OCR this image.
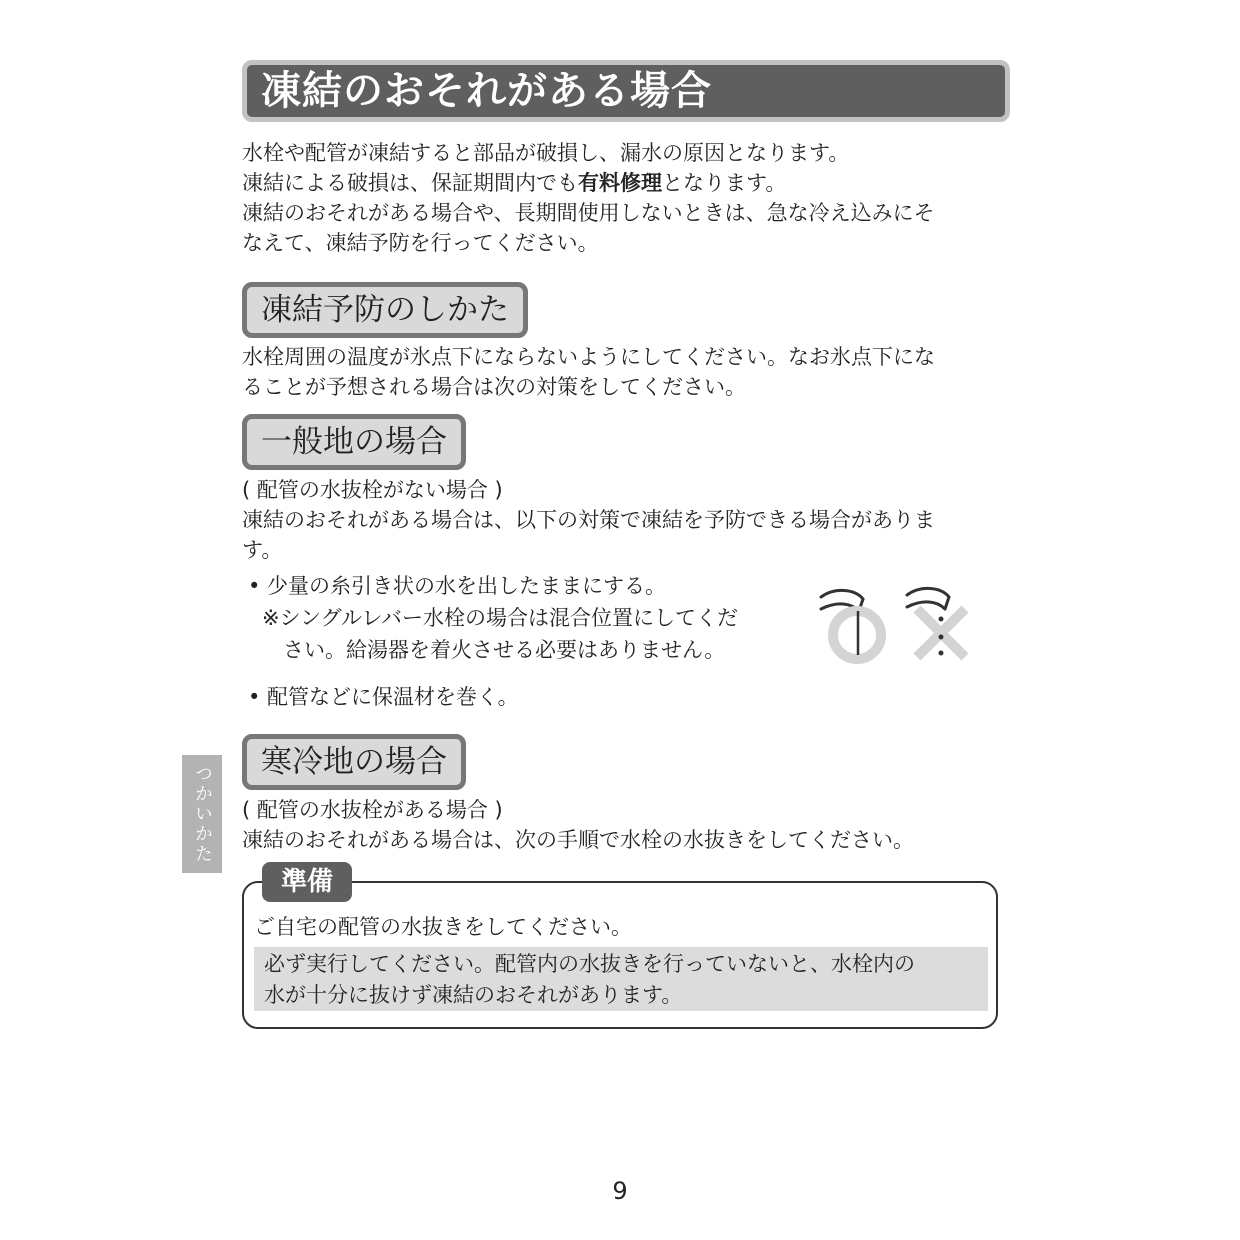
凍結のおそれがある場合

水栓や配管が凍結すると部品が破損し、漏水の原因となります。
凍結による破損は、保証期間内でも有料修理となります。
凍結のおそれがある場合や、長期間使用しないときは、急な冷え込みにそ
なえて、凍結予防を行ってください。

凍結予防のしかた

水栓周囲の温度が氷点下にならないようにしてください。なお氷点下にな
ることが予想される場合は次の対策をしてください。

一般地の場合

( 配管の水抜栓がない場合 )
凍結のおそれがある場合は、以下の対策で凍結を予防できる場合がありま
す。

• 少量の糸引き状の水を出したままにする。
※シングルレバー水栓の場合は混合位置にしてくだ
　さい。給湯器を着火させる必要はありません。
• 配管などに保温材を巻く。
寒冷地の場合

( 配管の水抜栓がある場合 )
凍結のおそれがある場合は、次の手順で水栓の水抜きをしてください。

つかいかた
準備
ご自宅の配管の水抜きをしてください。
必ず実行してください。配管内の水抜きを行っていないと、水栓内の
水が十分に抜けず凍結のおそれがあります。
9
